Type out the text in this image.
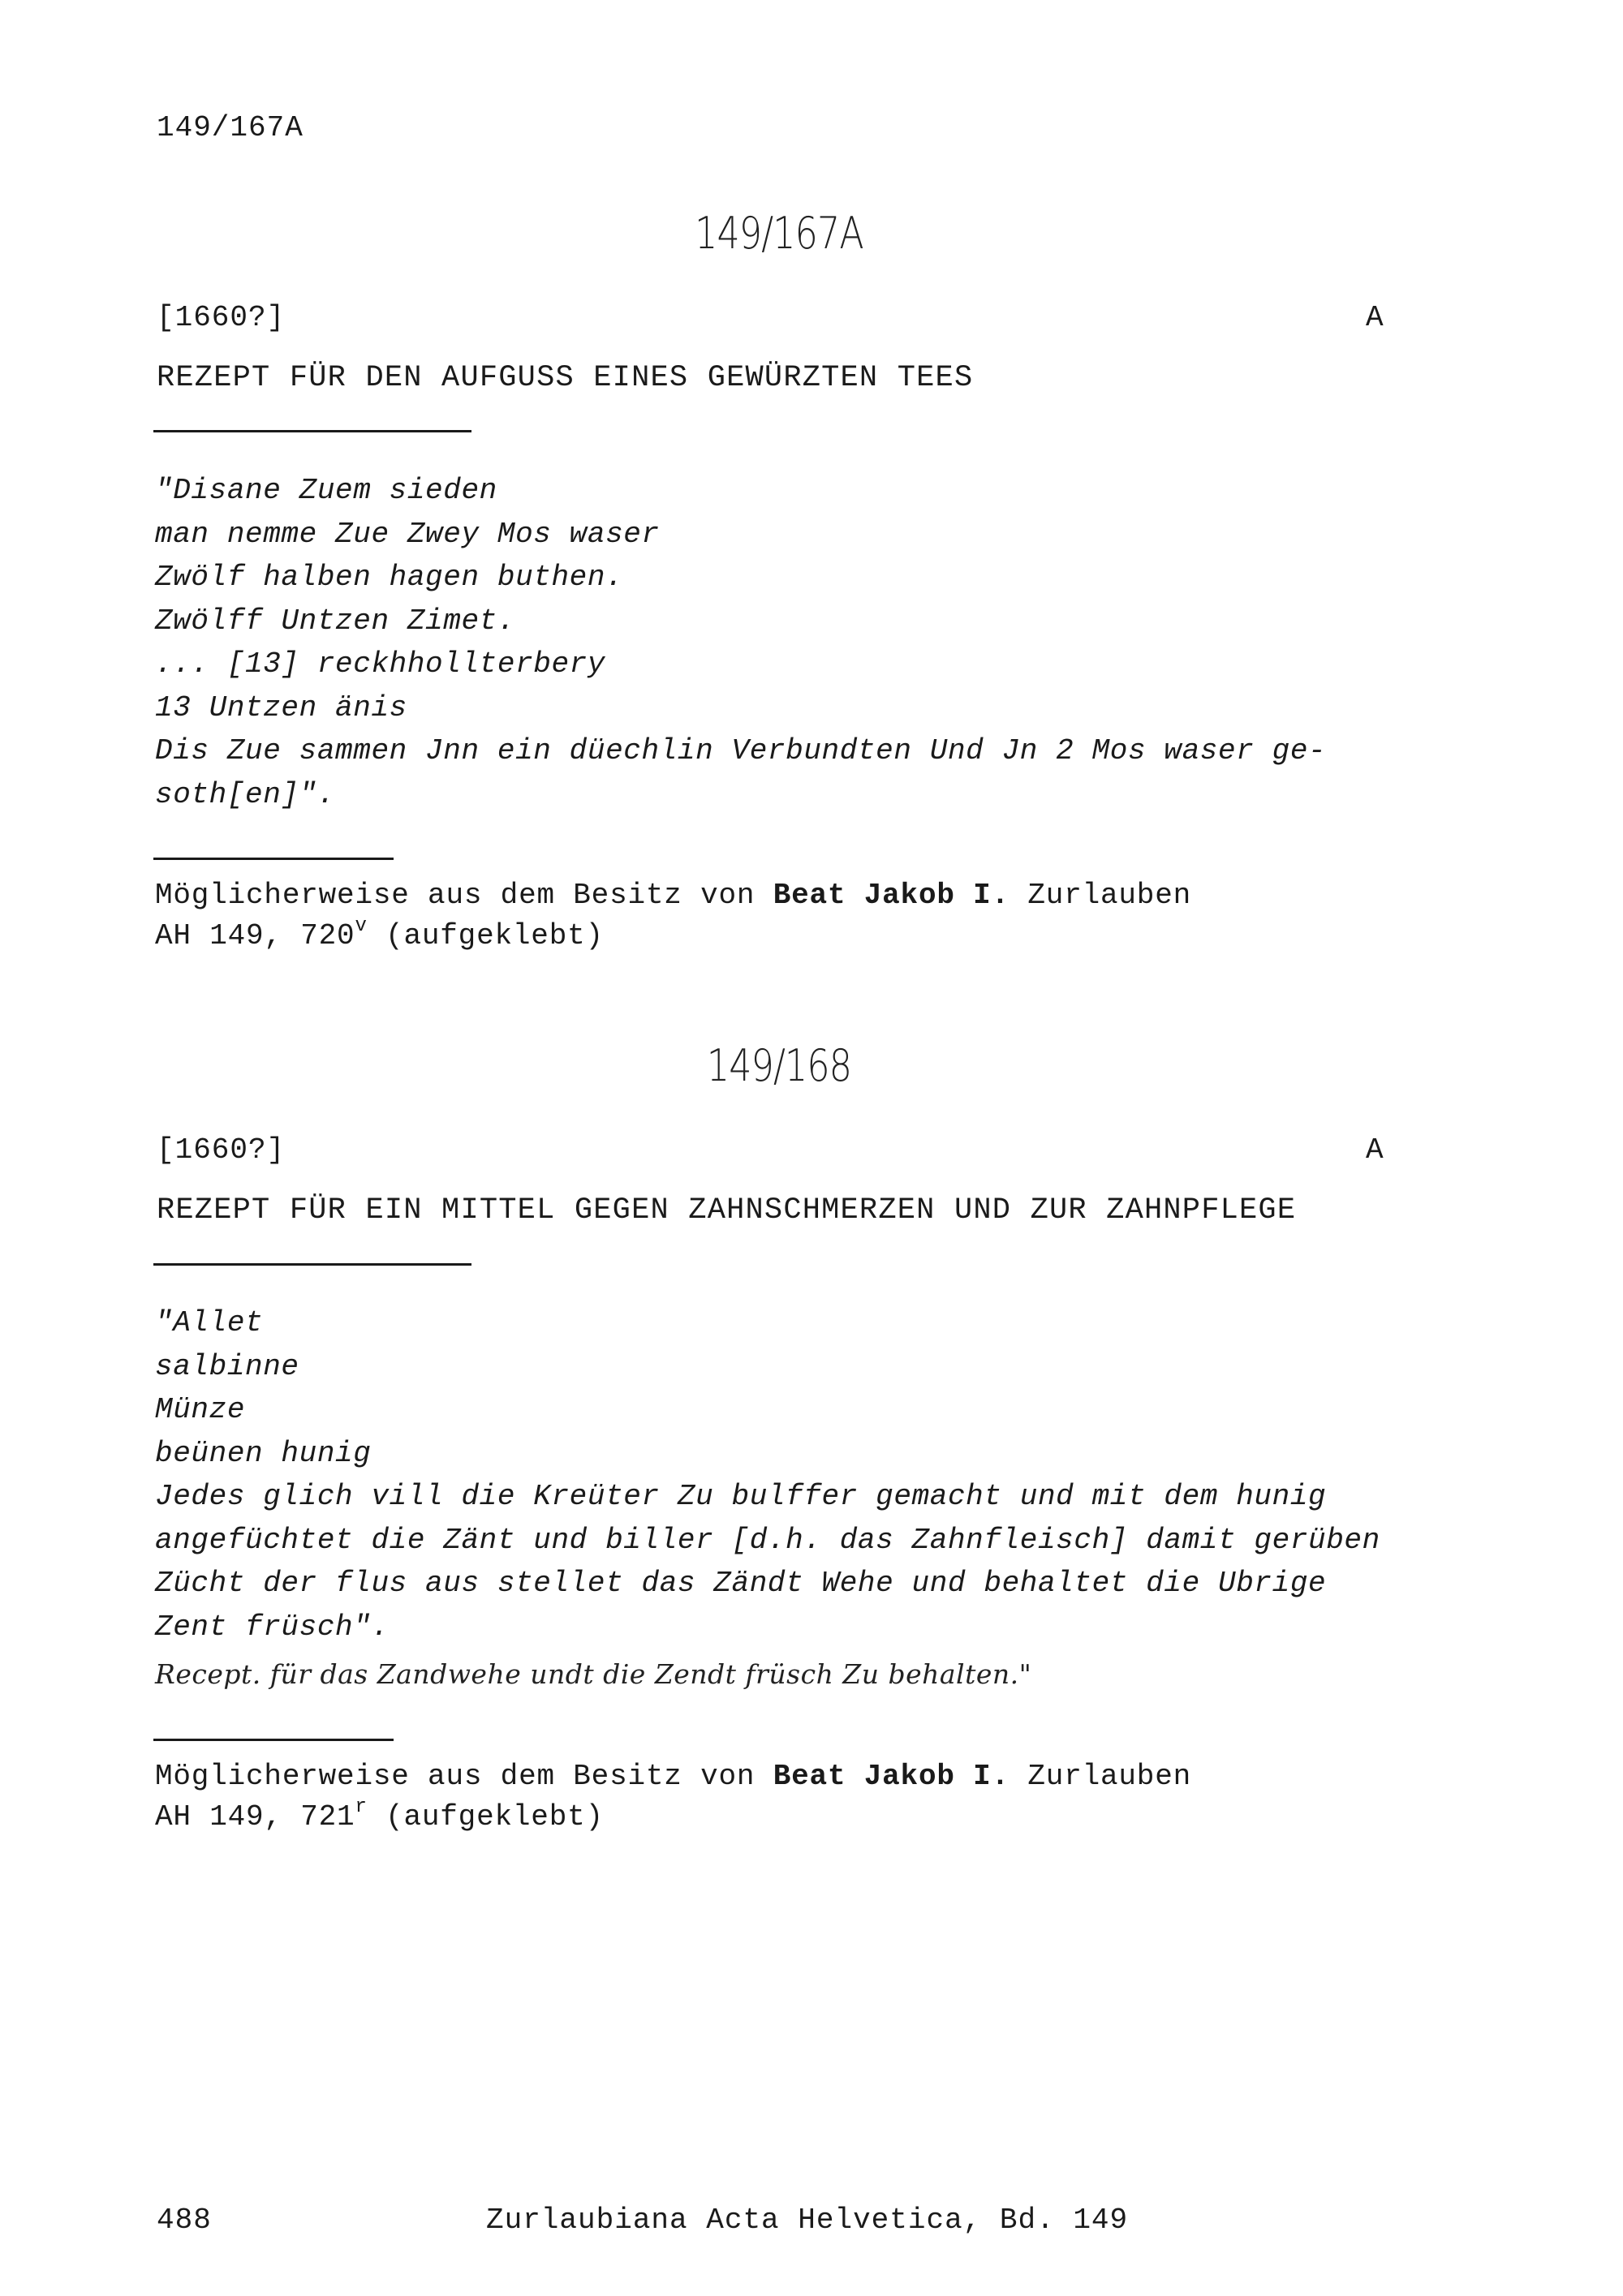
149/167A
149/167A
[1660?]	A
REZEPT FÜR DEN AUFGUSS EINES GEWÜRZTEN TEES
"Disane Zuem sieden
man nemme Zue Zwey Mos waser
Zwölf halben hagen buthen.
Zwölff Untzen Zimet.
... [13] reckhhollterbery
13 Untzen änis
Dis Zue sammen Jnn ein düechlin Verbundten Und Jn 2 Mos waser ge-
soth[en]".
Möglicherweise aus dem Besitz von Beat Jakob I. Zurlauben
AH 149, 720$^v$ (aufgeklebt)
149/168
[1660?]	A
REZEPT FÜR EIN MITTEL GEGEN ZAHNSCHMERZEN UND ZUR ZAHNPFLEGE
"Allet
salbinne
Münze
beünen hunig
Jedes glich vill die Kreüter Zu bulffer gemacht und mit dem hunig
angefüchtet die Zänt und biller [d.h. das Zahnfleisch] damit gerüben
Zücht der flus aus stellet das Zändt Wehe und behaltet die Ubrige
Zent früsch".
Recept. für das Zandwehe undt die Zendt früsch Zu behalten."
Möglicherweise aus dem Besitz von Beat Jakob I. Zurlauben
AH 149, 721$^r$ (aufgeklebt)
488	Zurlaubiana Acta Helvetica, Bd. 149
